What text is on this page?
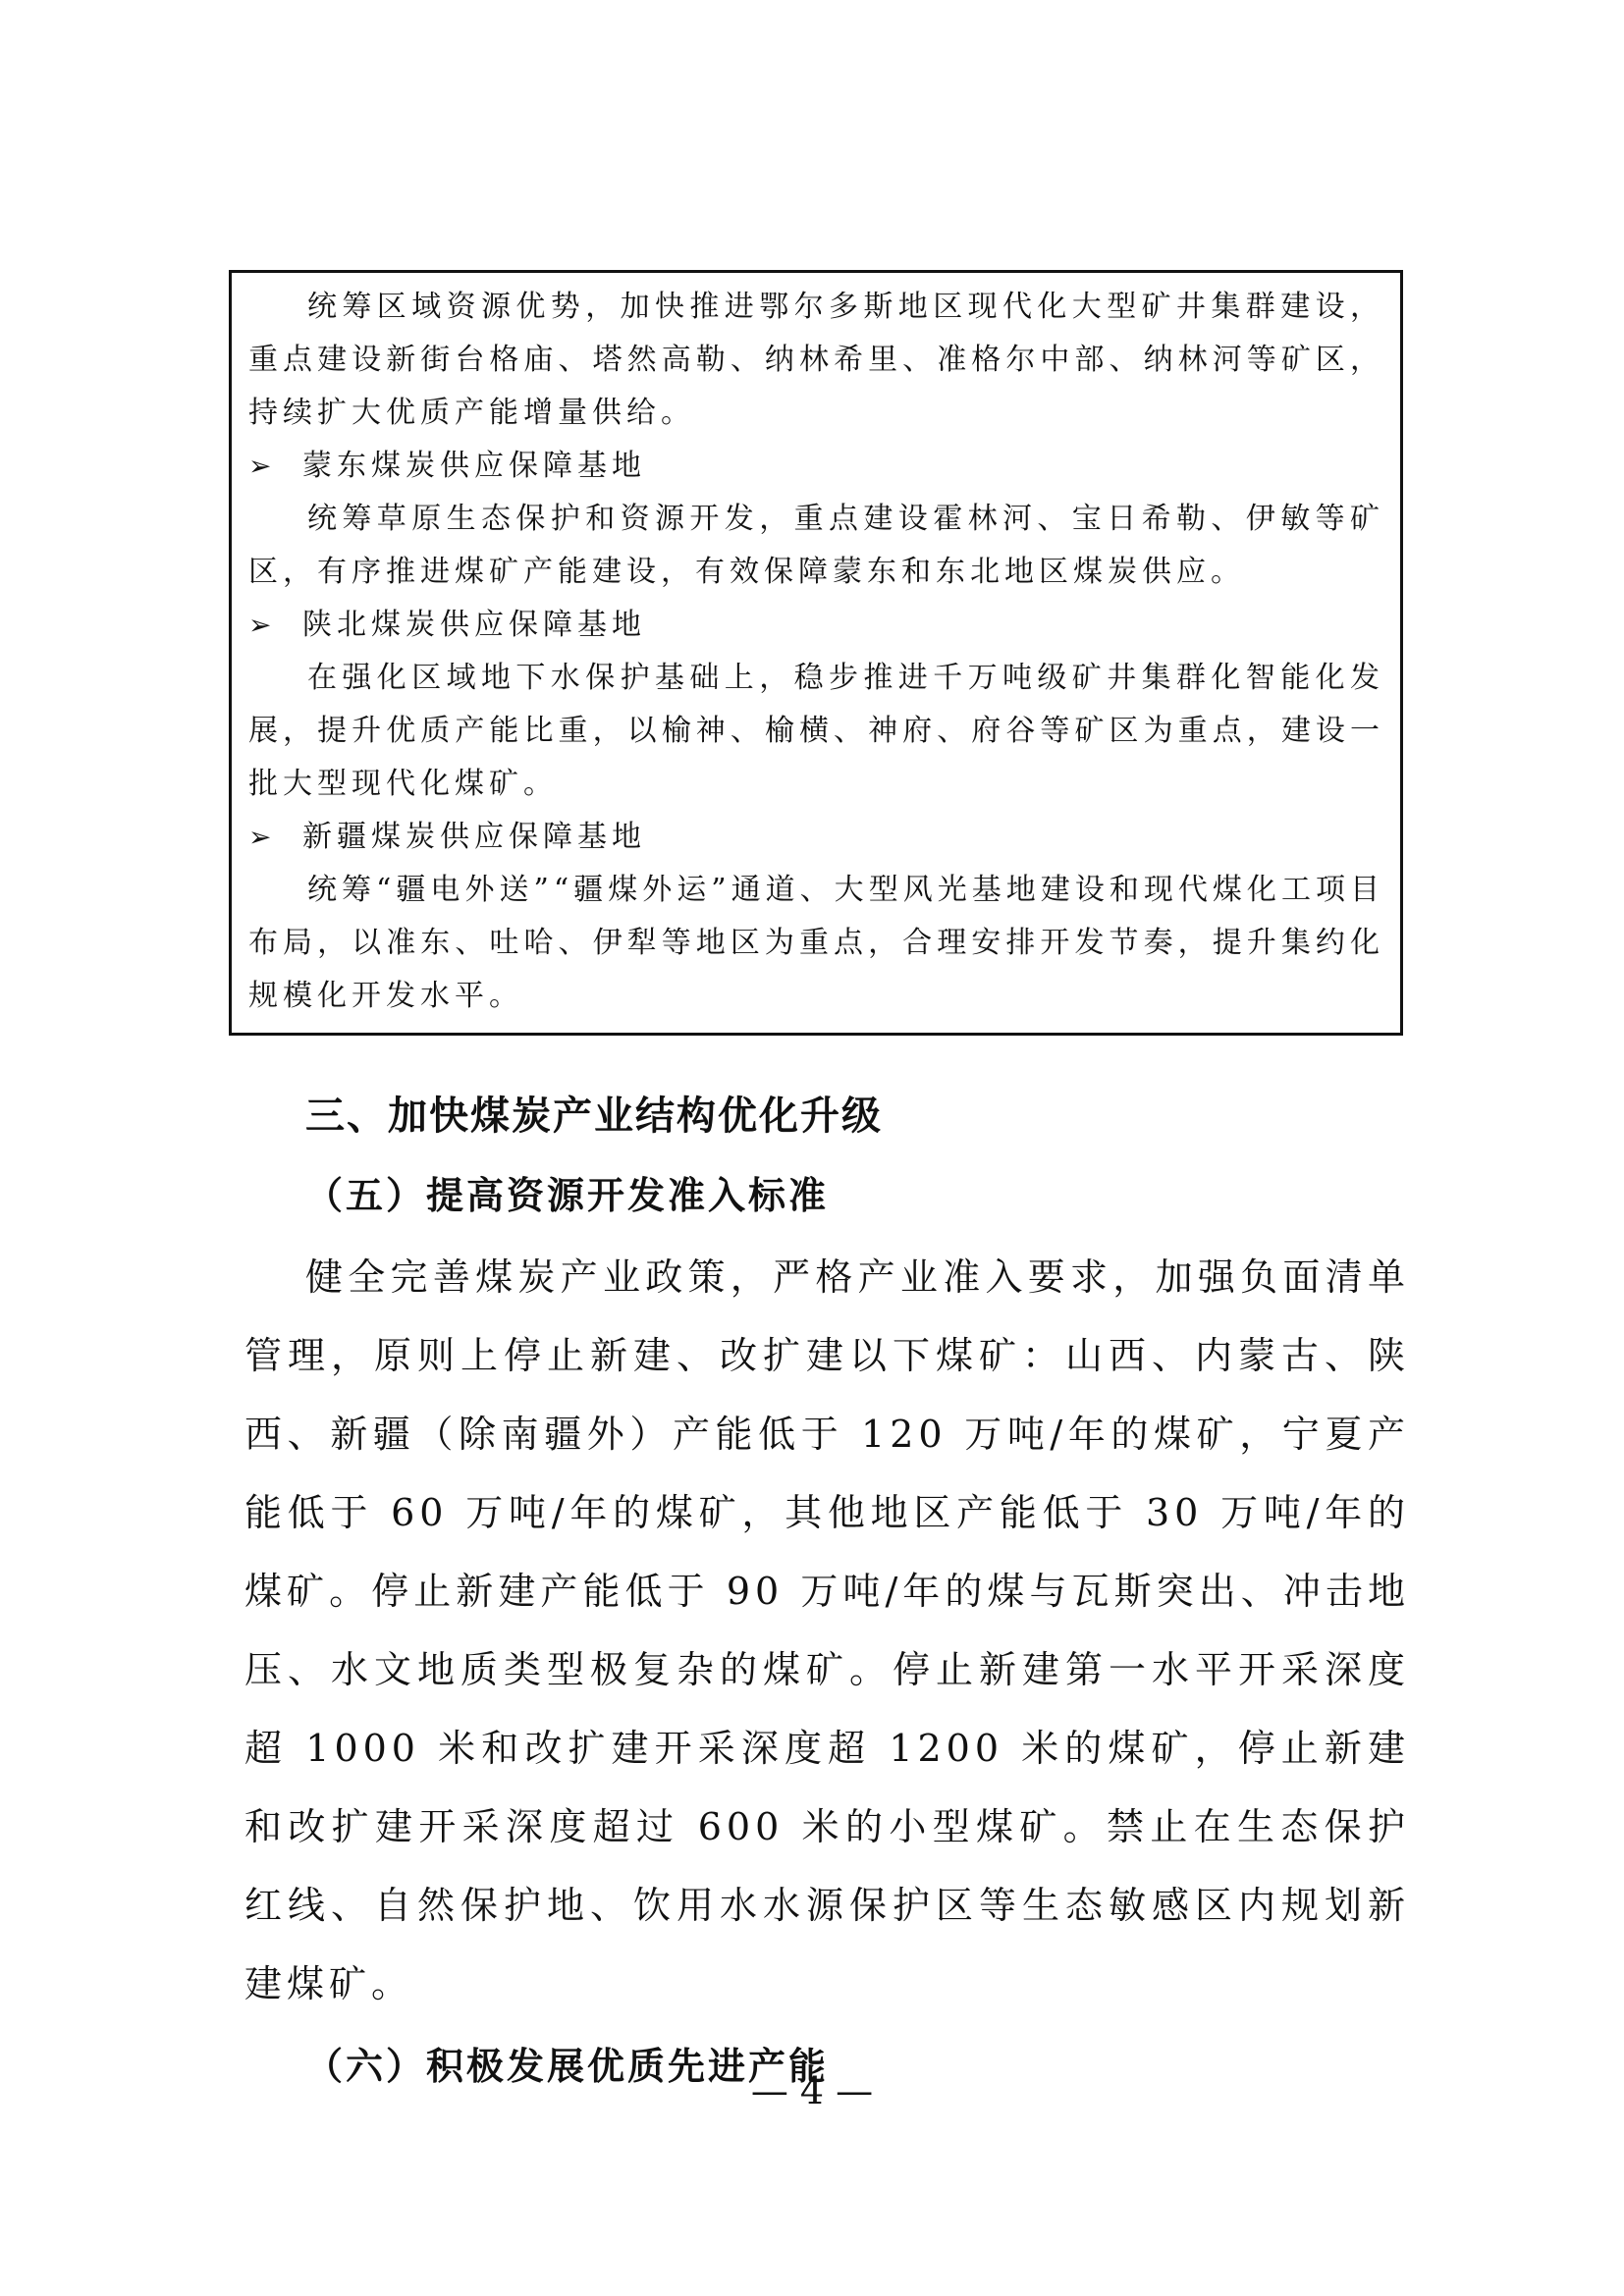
统筹区域资源优势，加快推进鄂尔多斯地区现代化大型矿井集群建设，重点建设新街台格庙、塔然高勒、纳林希里、准格尔中部、纳林河等矿区，持续扩大优质产能增量供给。

➢	蒙东煤炭供应保障基地

统筹草原生态保护和资源开发，重点建设霍林河、宝日希勒、伊敏等矿区，有序推进煤矿产能建设，有效保障蒙东和东北地区煤炭供应。

➢	陕北煤炭供应保障基地

在强化区域地下水保护基础上，稳步推进千万吨级矿井集群化智能化发展，提升优质产能比重，以榆神、榆横、神府、府谷等矿区为重点，建设一批大型现代化煤矿。

➢	新疆煤炭供应保障基地

统筹“疆电外送”“疆煤外运”通道、大型风光基地建设和现代煤化工项目布局，以准东、吐哈、伊犁等地区为重点，合理安排开发节奏，提升集约化规模化开发水平。

三、加快煤炭产业结构优化升级
（五）提高资源开发准入标准

健全完善煤炭产业政策，严格产业准入要求，加强负面清单管理，原则上停止新建、改扩建以下煤矿：山西、内蒙古、陕西、新疆（除南疆外）产能低于 120 万吨/年的煤矿，宁夏产能低于 60 万吨/年的煤矿，其他地区产能低于 30 万吨/年的煤矿。停止新建产能低于 90 万吨/年的煤与瓦斯突出、冲击地压、水文地质类型极复杂的煤矿。停止新建第一水平开采深度超 1000 米和改扩建开采深度超 1200 米的煤矿，停止新建和改扩建开采深度超过 600 米的小型煤矿。禁止在生态保护红线、自然保护地、饮用水水源保护区等生态敏感区内规划新建煤矿。

（六）积极发展优质先进产能
— 4 —
